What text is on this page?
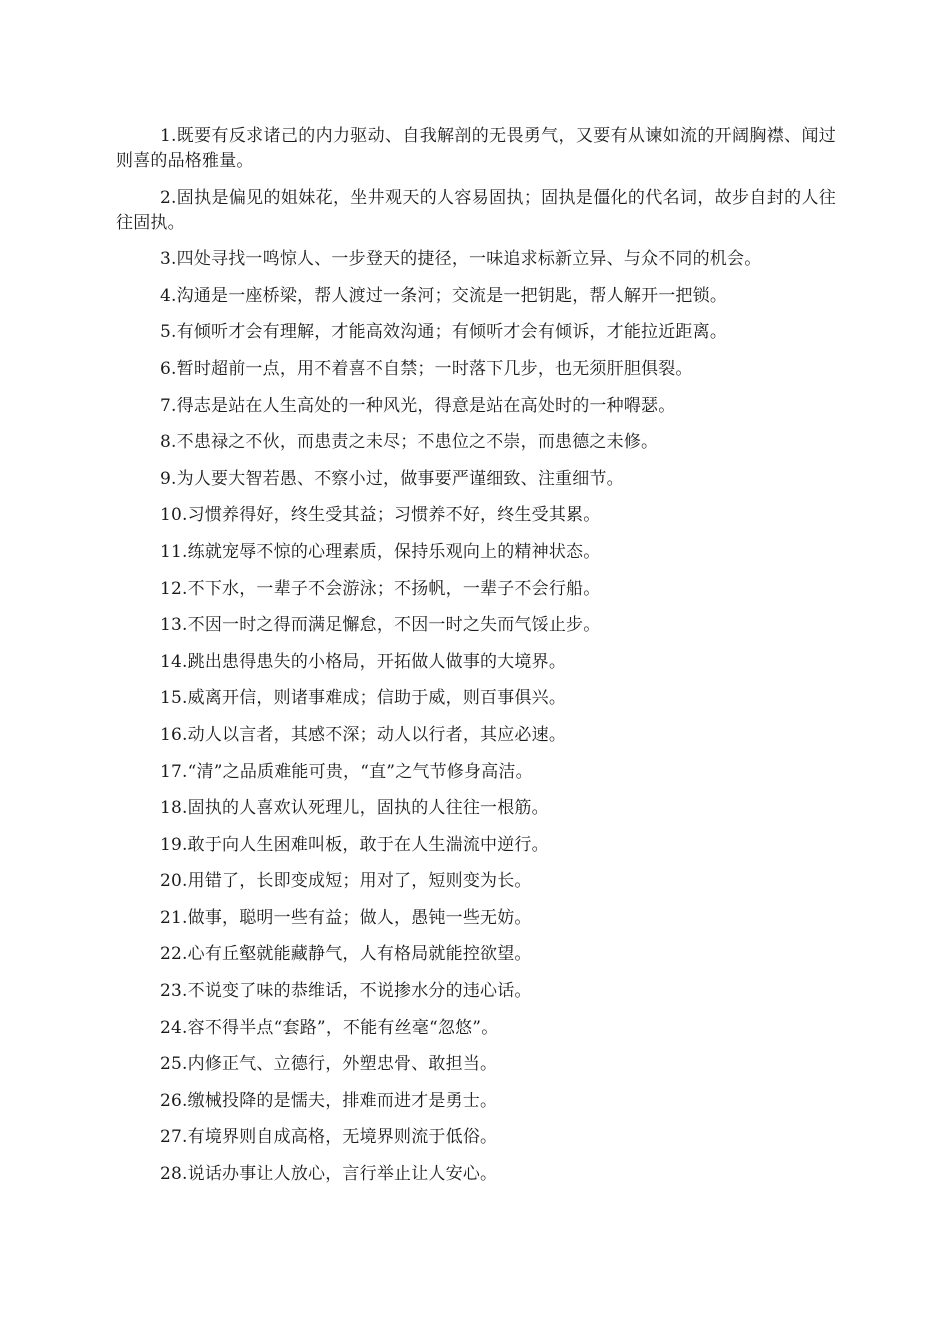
1.既要有反求诸己的内力驱动、自我解剖的无畏勇气，又要有从谏如流的开阔胸襟、闻过则喜的品格雅量。

2.固执是偏见的姐妹花，坐井观天的人容易固执；固执是僵化的代名词，故步自封的人往往固执。

3.四处寻找一鸣惊人、一步登天的捷径，一味追求标新立异、与众不同的机会。

4.沟通是一座桥梁，帮人渡过一条河；交流是一把钥匙，帮人解开一把锁。

5.有倾听才会有理解，才能高效沟通；有倾听才会有倾诉，才能拉近距离。

6.暂时超前一点，用不着喜不自禁；一时落下几步，也无须肝胆俱裂。

7.得志是站在人生高处的一种风光，得意是站在高处时的一种嘚瑟。

8.不患禄之不伙，而患责之未尽；不患位之不崇，而患德之未修。

9.为人要大智若愚、不察小过，做事要严谨细致、注重细节。

10.习惯养得好，终生受其益；习惯养不好，终生受其累。

11.练就宠辱不惊的心理素质，保持乐观向上的精神状态。

12.不下水，一辈子不会游泳；不扬帆，一辈子不会行船。

13.不因一时之得而满足懈怠，不因一时之失而气馁止步。

14.跳出患得患失的小格局，开拓做人做事的大境界。

15.威离开信，则诸事难成；信助于威，则百事俱兴。

16.动人以言者，其感不深；动人以行者，其应必速。

17.“清”之品质难能可贵，“直”之气节修身高洁。

18.固执的人喜欢认死理儿，固执的人往往一根筋。

19.敢于向人生困难叫板，敢于在人生湍流中逆行。

20.用错了，长即变成短；用对了，短则变为长。

21.做事，聪明一些有益；做人，愚钝一些无妨。

22.心有丘壑就能藏静气，人有格局就能控欲望。

23.不说变了味的恭维话，不说掺水分的违心话。

24.容不得半点“套路”，不能有丝毫“忽悠”。

25.内修正气、立德行，外塑忠骨、敢担当。

26.缴械投降的是懦夫，排难而进才是勇士。

27.有境界则自成高格，无境界则流于低俗。

28.说话办事让人放心，言行举止让人安心。
